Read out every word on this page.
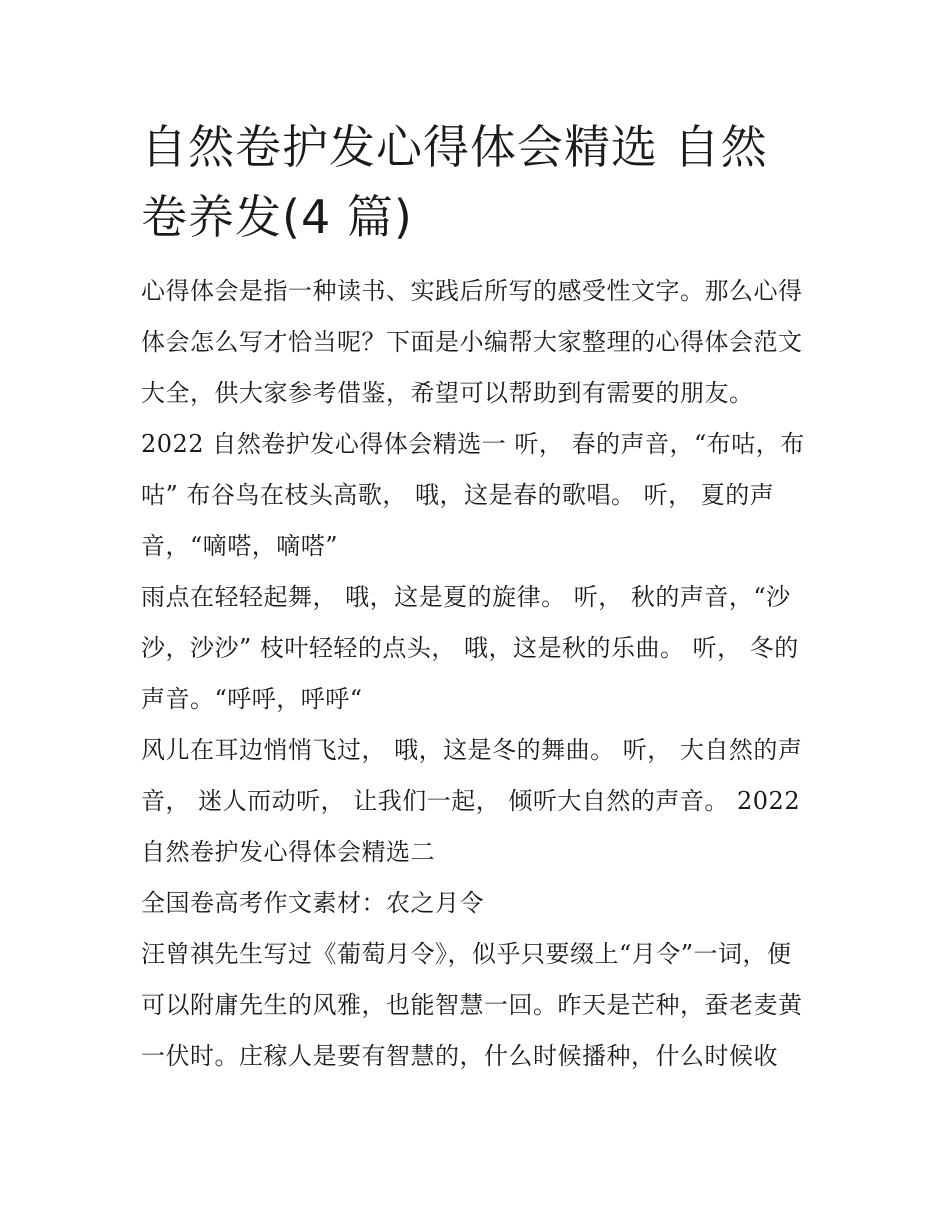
自然卷护发心得体会精选 自然卷养发(4 篇)

心得体会是指一种读书、实践后所写的感受性文字。那么心得体会怎么写才恰当呢？下面是小编帮大家整理的心得体会范文大全，供大家参考借鉴，希望可以帮助到有需要的朋友。

2022 自然卷护发心得体会精选一 听， 春的声音，“布咕，布咕” 布谷鸟在枝头高歌， 哦，这是春的歌唱。 听， 夏的声音，“嘀嗒，嘀嗒”

雨点在轻轻起舞， 哦，这是夏的旋律。 听， 秋的声音，“沙沙，沙沙” 枝叶轻轻的点头， 哦，这是秋的乐曲。 听， 冬的声音。“呼呼，呼呼“

风儿在耳边悄悄飞过， 哦，这是冬的舞曲。 听， 大自然的声音， 迷人而动听， 让我们一起， 倾听大自然的声音。 2022 自然卷护发心得体会精选二

全国卷高考作文素材：农之月令

汪曾祺先生写过《葡萄月令》，似乎只要缀上“月令”一词，便可以附庸先生的风雅，也能智慧一回。昨天是芒种，蚕老麦黄一伏时。庄稼人是要有智慧的，什么时候播种，什么时候收
